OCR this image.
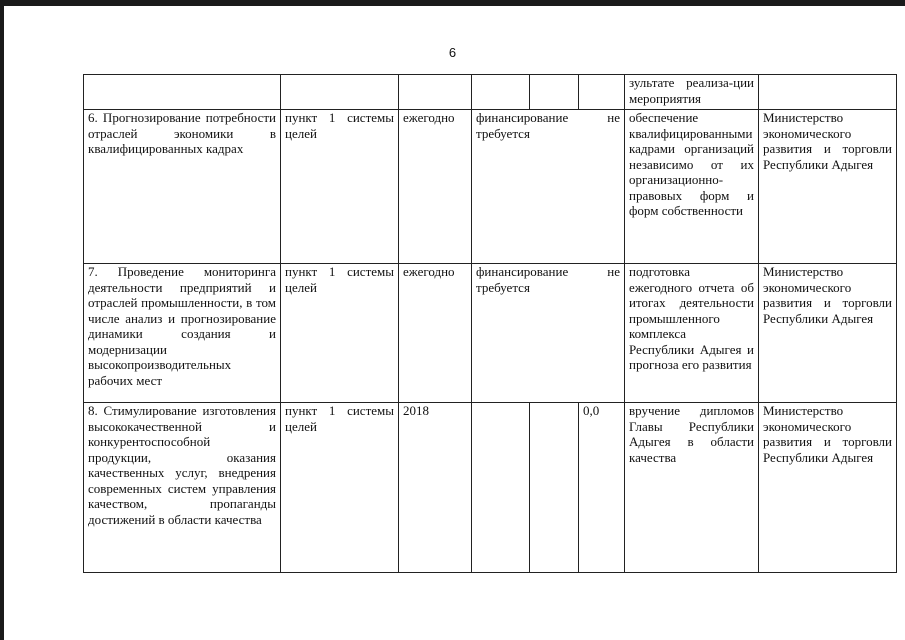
6
						зультате реализа-ции мероприятия	
6. Прогнозирование потребности отраслей экономики в квалифицированных кадрах	пункт 1 системы целей	ежегодно	финансирование не требуется			обеспечение квалифицированными кадрами организаций независимо от их организационно-правовых форм и форм собственности	Министерство экономического развития и торговли Республики Адыгея
7. Проведение мониторинга деятельности предприятий и отраслей промышленности, в том числе анализ и прогнозирование динамики создания и модернизации высокопроизводительных рабочих мест	пункт 1 системы целей	ежегодно	финансирование не требуется			подготовка ежегодного отчета об итогах деятельности промышленного комплекса Республики Адыгея и прогноза его развития	Министерство экономического развития и торговли Республики Адыгея
8. Стимулирование изготовления высококачественной и конкурентоспособной продукции, оказания качественных услуг, внедрения современных систем управления качеством, пропаганды достижений в области качества	пункт 1 системы целей	2018			0,0	вручение дипломов Главы Республики Адыгея в области качества	Министерство экономического развития и торговли Республики Адыгея
